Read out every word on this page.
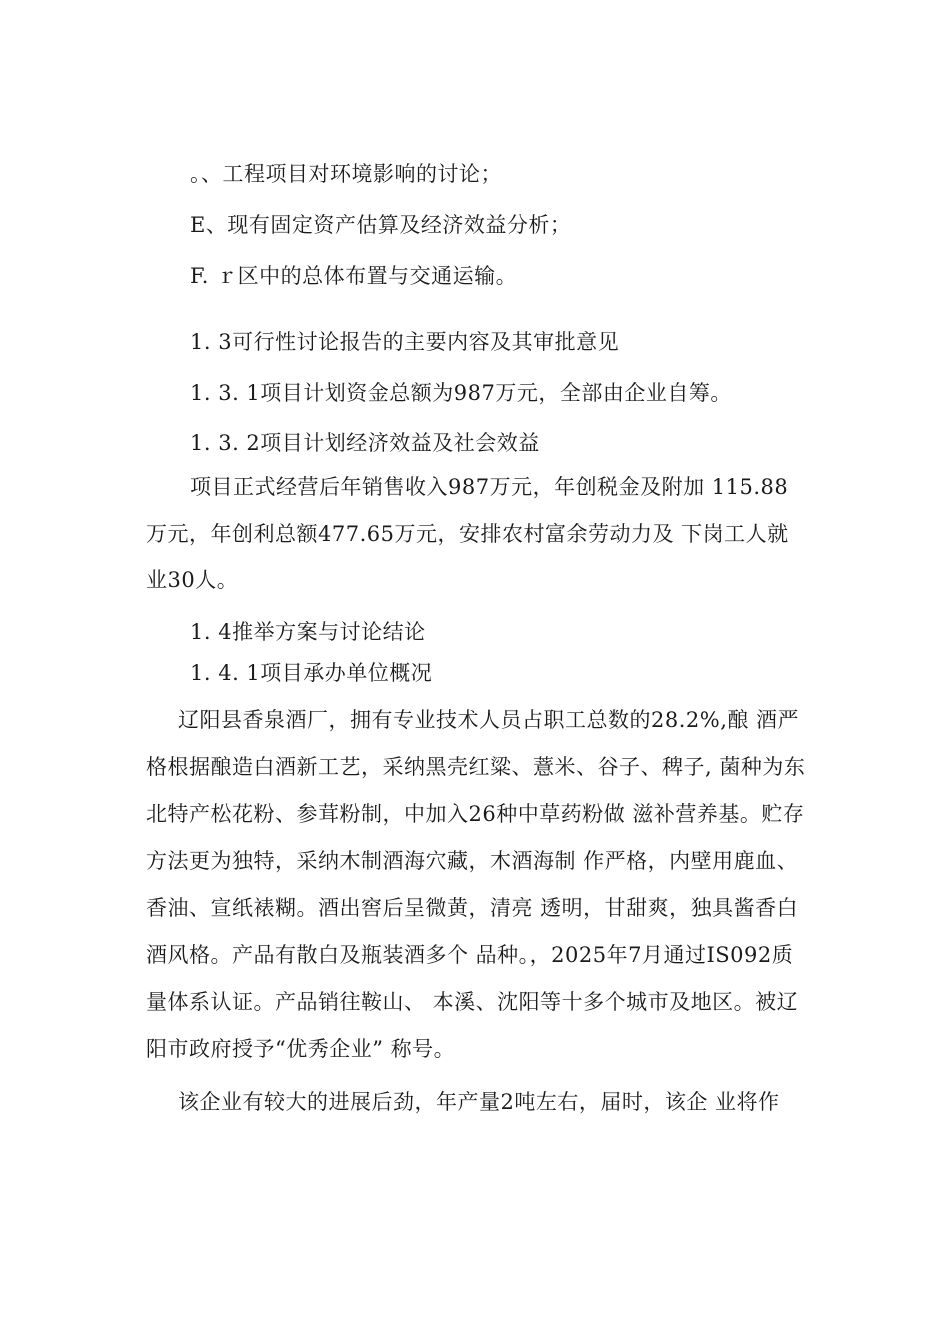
。、工程项目对环境影响的讨论；
E、现有固定资产估算及经济效益分析；
F. ｒ区中的总体布置与交通运输。
1. 3可行性讨论报告的主要内容及其审批意见
1. 3. 1项目计划资金总额为987万元，全部由企业自筹。
1. 3. 2项目计划经济效益及社会效益
项目正式经营后年销售收入987万元，年创税金及附加 115.88
万元，年创利总额477.65万元，安排农村富余劳动力及 下岗工人就
业30人。
1. 4推举方案与讨论结论
1. 4. 1项目承办单位概况
辽阳县香泉酒厂，拥有专业技术人员占职工总数的28.2%,酿 酒严
格根据酿造白酒新工艺，采纳黑壳红粱、薏米、谷子、稗子, 菌种为东
北特产松花粉、参茸粉制，中加入26种中草药粉做 滋补营养基。贮存
方法更为独特，采纳木制酒海穴藏，木酒海制 作严格，内壁用鹿血、
香油、宣纸裱糊。酒出窖后呈微黄，清亮 透明，甘甜爽，独具酱香白
酒风格。产品有散白及瓶装酒多个 品种。，2025年7月通过IS092质
量体系认证。产品销往鞍山、 本溪、沈阳等十多个城市及地区。被辽
阳市政府授予“优秀企业” 称号。
该企业有较大的进展后劲，年产量2吨左右，届时，该企 业将作
